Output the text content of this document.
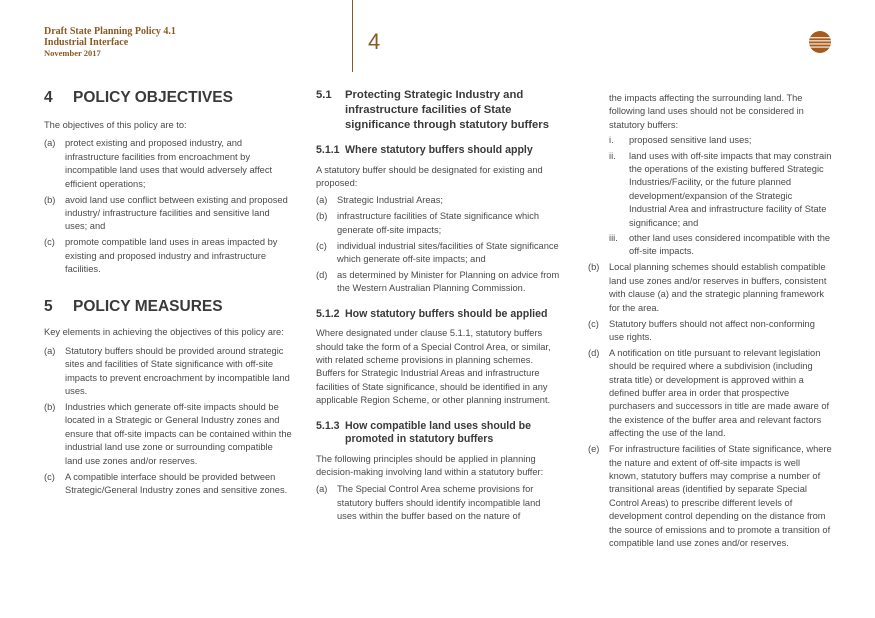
Draft State Planning Policy 4.1
Industrial Interface
November 2017	4
4	POLICY OBJECTIVES

The objectives of this policy are to:

(a)	protect existing and proposed industry, and infrastructure facilities from encroachment by incompatible land uses that would adversely affect efficient operations;
(b)	avoid land use conflict between existing and proposed industry/ infrastructure facilities and sensitive land uses; and
(c)	promote compatible land uses in areas impacted by existing and proposed industry and infrastructure facilities.
5	POLICY MEASURES

Key elements in achieving the objectives of this policy are:

(a)	Statutory buffers should be provided around strategic sites and facilities of State significance with off-site impacts to prevent encroachment by incompatible land uses.
(b)	Industries which generate off-site impacts should be located in a Strategic or General Industry zones and ensure that off-site impacts can be contained within the industrial land use zone or surrounding compatible land use zones and/or reserves.
(c)	A compatible interface should be provided between Strategic/General Industry zones and sensitive zones.
5.1	Protecting Strategic Industry and infrastructure facilities of State significance through statutory buffers
5.1.1 Where statutory buffers should apply

A statutory buffer should be designated for existing and proposed:

(a)	Strategic Industrial Areas;
(b)	infrastructure facilities of State significance which generate off-site impacts;
(c)	individual industrial sites/facilities of State significance which generate off-site impacts; and
(d)	as determined by Minister for Planning on advice from the Western Australian Planning Commission.
5.1.2 How statutory buffers should be applied

Where designated under clause 5.1.1, statutory buffers should take the form of a Special Control Area, or similar, with related scheme provisions in planning schemes. Buffers for Strategic Industrial Areas and infrastructure facilities of State significance, should be identified in any applicable Region Scheme, or other planning instrument.

5.1.3 How compatible land uses should be promoted in statutory buffers

The following principles should be applied in planning decision-making involving land within a statutory buffer:

(a)	The Special Control Area scheme provisions for statutory buffers should identify incompatible land uses within the buffer based on the nature of
the impacts affecting the surrounding land. The following land uses should not be considered in statutory buffers:
i.	proposed sensitive land uses;
ii.	land uses with off-site impacts that may constrain the operations of the existing buffered Strategic Industries/Facility, or the future planned development/expansion of the Strategic Industrial Area and infrastructure facility of State significance; and
iii.	other land uses considered incompatible with the off-site impacts.
(b)	Local planning schemes should establish compatible land use zones and/or reserves in buffers, consistent with clause (a) and the strategic planning framework for the area.
(c)	Statutory buffers should not affect non-conforming use rights.
(d)	A notification on title pursuant to relevant legislation should be required where a subdivision (including strata title) or development is approved within a defined buffer area in order that prospective purchasers and successors in title are made aware of the existence of the buffer area and relevant factors affecting the use of the land.
(e)	For infrastructure facilities of State significance, where the nature and extent of off-site impacts is well known, statutory buffers may comprise a number of transitional areas (identified by separate Special Control Areas) to prescribe different levels of development control depending on the distance from the source of emissions and to promote a transition of compatible land use zones and/or reserves.
